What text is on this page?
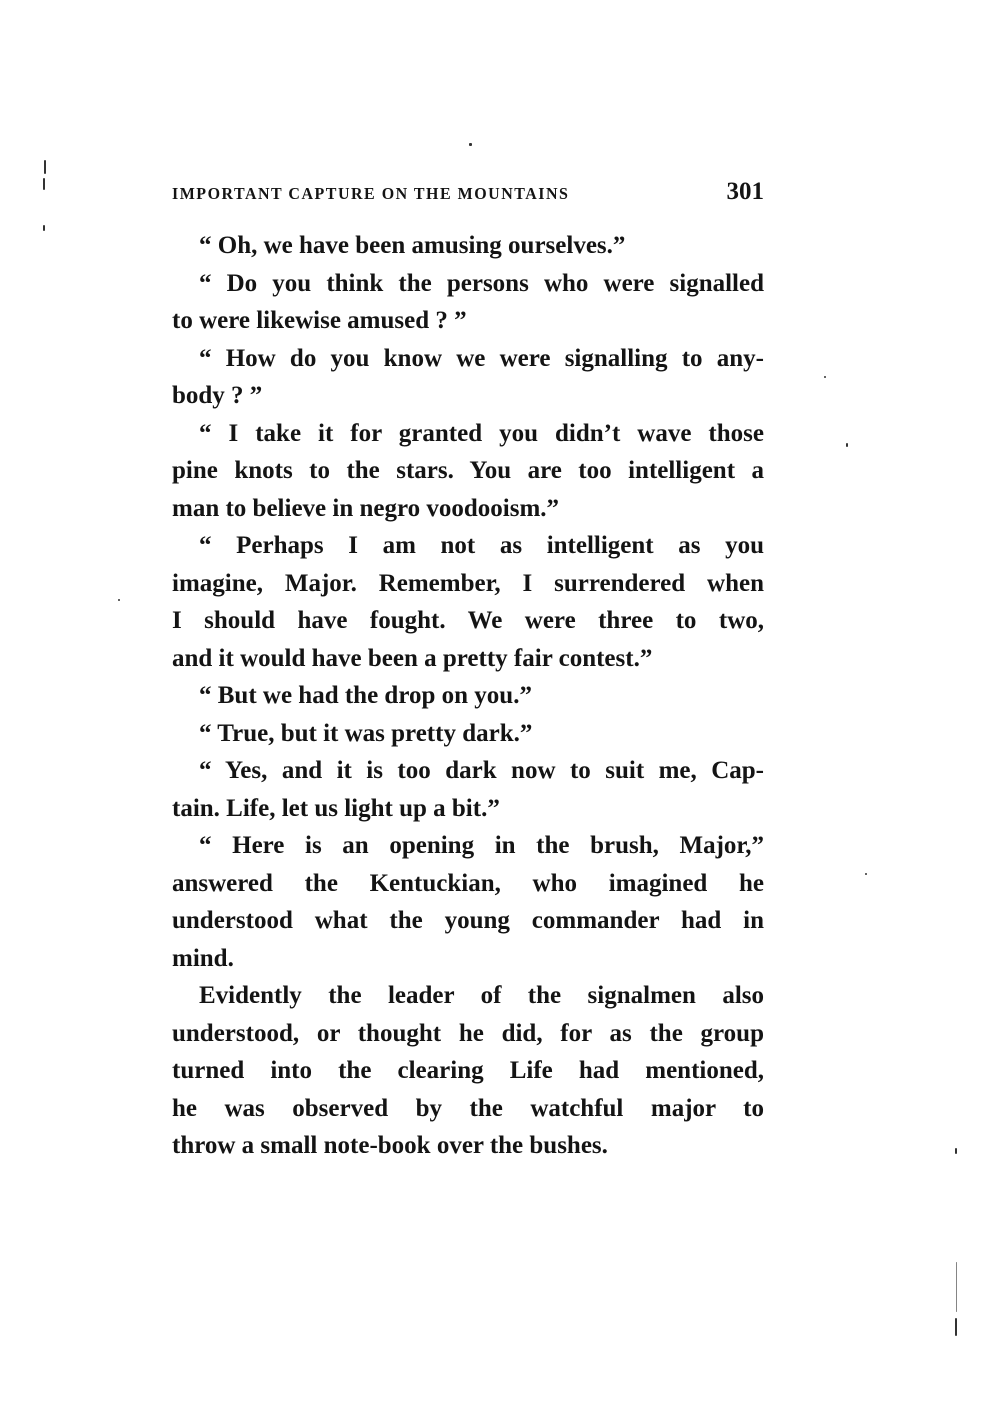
IMPORTANT CAPTURE ON THE MOUNTAINS	301
“ Oh, we have been amusing ourselves.”
“ Do you think the persons who were signalled
to were likewise amused ? ”
“ How do you know we were signalling to any-
body ? ”
“ I take it for granted you didn’t wave those
pine knots to the stars. You are too intelligent a
man to believe in negro voodooism.”
“ Perhaps I am not as intelligent as you
imagine, Major. Remember, I surrendered when
I should have fought. We were three to two,
and it would have been a pretty fair contest.”
“ But we had the drop on you.”
“ True, but it was pretty dark.”
“ Yes, and it is too dark now to suit me, Cap-
tain. Life, let us light up a bit.”
“ Here is an opening in the brush, Major,”
answered the Kentuckian, who imagined he
understood what the young commander had in
mind.
Evidently the leader of the signalmen also
understood, or thought he did, for as the group
turned into the clearing Life had mentioned,
he was observed by the watchful major to
throw a small note-book over the bushes.
